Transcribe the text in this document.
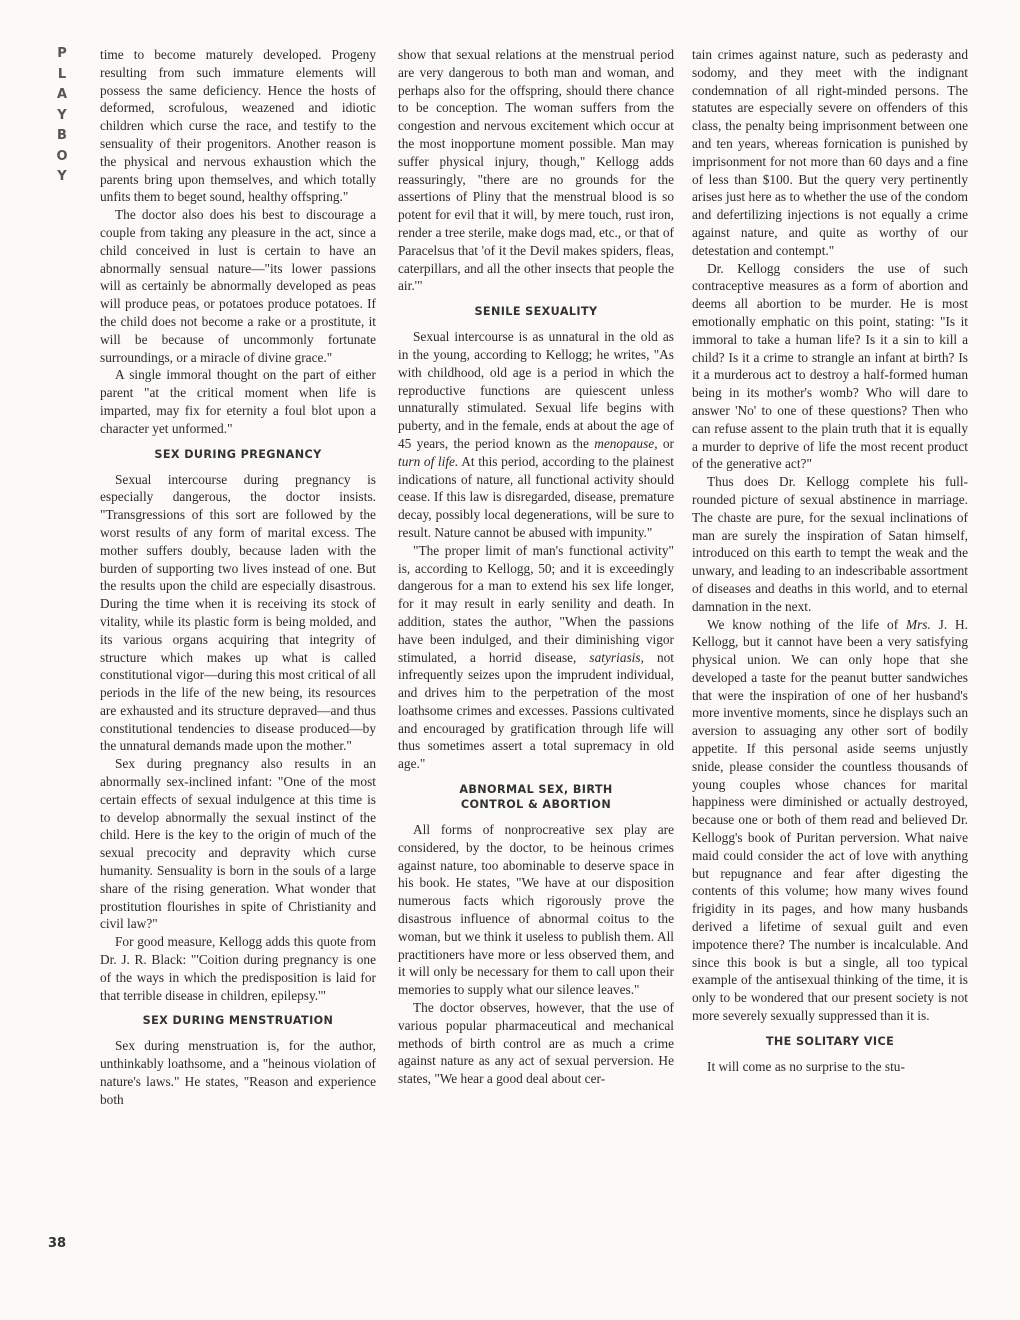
P
L
A
Y
B
O
Y
38

time to become maturely developed. Progeny resulting from such immature elements will possess the same deficiency. Hence the hosts of deformed, scrofulous, weazened and idiotic children which curse the race, and testify to the sensuality of their progenitors. Another reason is the physical and nervous exhaustion which the parents bring upon themselves, and which totally unfits them to beget sound, healthy offspring."

The doctor also does his best to discourage a couple from taking any pleasure in the act, since a child conceived in lust is certain to have an abnormally sensual nature—"its lower passions will as certainly be abnormally developed as peas will produce peas, or potatoes produce potatoes. If the child does not become a rake or a prostitute, it will be because of uncommonly fortunate surroundings, or a miracle of divine grace."

A single immoral thought on the part of either parent "at the critical moment when life is imparted, may fix for eternity a foul blot upon a character yet unformed."

SEX DURING PREGNANCY

Sexual intercourse during pregnancy is especially dangerous, the doctor insists. "Transgressions of this sort are followed by the worst results of any form of marital excess. The mother suffers doubly, because laden with the burden of supporting two lives instead of one. But the results upon the child are especially disastrous. During the time when it is receiving its stock of vitality, while its plastic form is being molded, and its various organs acquiring that integrity of structure which makes up what is called constitutional vigor—during this most critical of all periods in the life of the new being, its resources are exhausted and its structure depraved—and thus constitutional tendencies to disease produced—by the unnatural demands made upon the mother."

Sex during pregnancy also results in an abnormally sex-inclined infant: "One of the most certain effects of sexual indulgence at this time is to develop abnormally the sexual instinct of the child. Here is the key to the origin of much of the sexual precocity and depravity which curse humanity. Sensuality is born in the souls of a large share of the rising generation. What wonder that prostitution flourishes in spite of Christianity and civil law?"

For good measure, Kellogg adds this quote from Dr. J. R. Black: "'Coition during pregnancy is one of the ways in which the predisposition is laid for that terrible disease in children, epilepsy.'"

SEX DURING MENSTRUATION

Sex during menstruation is, for the author, unthinkably loathsome, and a "heinous violation of nature's laws." He states, "Reason and experience both

show that sexual relations at the menstrual period are very dangerous to both man and woman, and perhaps also for the offspring, should there chance to be conception. The woman suffers from the congestion and nervous excitement which occur at the most inopportune moment possible. Man may suffer physical injury, though," Kellogg adds reassuringly, "there are no grounds for the assertions of Pliny that the menstrual blood is so potent for evil that it will, by mere touch, rust iron, render a tree sterile, make dogs mad, etc., or that of Paracelsus that 'of it the Devil makes spiders, fleas, caterpillars, and all the other insects that people the air.'"

SENILE SEXUALITY

Sexual intercourse is as unnatural in the old as in the young, according to Kellogg; he writes, "As with childhood, old age is a period in which the reproductive functions are quiescent unless unnaturally stimulated. Sexual life begins with puberty, and in the female, ends at about the age of 45 years, the period known as the menopause, or turn of life. At this period, according to the plainest indications of nature, all functional activity should cease. If this law is disregarded, disease, premature decay, possibly local degenerations, will be sure to result. Nature cannot be abused with impunity."

"The proper limit of man's functional activity" is, according to Kellogg, 50; and it is exceedingly dangerous for a man to extend his sex life longer, for it may result in early senility and death. In addition, states the author, "When the passions have been indulged, and their diminishing vigor stimulated, a horrid disease, satyriasis, not infrequently seizes upon the imprudent individual, and drives him to the perpetration of the most loathsome crimes and excesses. Passions cultivated and encouraged by gratification through life will thus sometimes assert a total supremacy in old age."

ABNORMAL SEX, BIRTH
CONTROL & ABORTION

All forms of nonprocreative sex play are considered, by the doctor, to be heinous crimes against nature, too abominable to deserve space in his book. He states, "We have at our disposition numerous facts which rigorously prove the disastrous influence of abnormal coitus to the woman, but we think it useless to publish them. All practitioners have more or less observed them, and it will only be necessary for them to call upon their memories to supply what our silence leaves."

The doctor observes, however, that the use of various popular pharmaceutical and mechanical methods of birth control are as much a crime against nature as any act of sexual perversion. He states, "We hear a good deal about cer-

tain crimes against nature, such as pederasty and sodomy, and they meet with the indignant condemnation of all right-minded persons. The statutes are especially severe on offenders of this class, the penalty being imprisonment between one and ten years, whereas fornication is punished by imprisonment for not more than 60 days and a fine of less than $100. But the query very pertinently arises just here as to whether the use of the condom and defertilizing injections is not equally a crime against nature, and quite as worthy of our detestation and contempt."

Dr. Kellogg considers the use of such contraceptive measures as a form of abortion and deems all abortion to be murder. He is most emotionally emphatic on this point, stating: "Is it immoral to take a human life? Is it a sin to kill a child? Is it a crime to strangle an infant at birth? Is it a murderous act to destroy a half-formed human being in its mother's womb? Who will dare to answer 'No' to one of these questions? Then who can refuse assent to the plain truth that it is equally a murder to deprive of life the most recent product of the generative act?"

Thus does Dr. Kellogg complete his full-rounded picture of sexual abstinence in marriage. The chaste are pure, for the sexual inclinations of man are surely the inspiration of Satan himself, introduced on this earth to tempt the weak and the unwary, and leading to an indescribable assortment of diseases and deaths in this world, and to eternal damnation in the next.

We know nothing of the life of Mrs. J. H. Kellogg, but it cannot have been a very satisfying physical union. We can only hope that she developed a taste for the peanut butter sandwiches that were the inspiration of one of her husband's more inventive moments, since he displays such an aversion to assuaging any other sort of bodily appetite. If this personal aside seems unjustly snide, please consider the countless thousands of young couples whose chances for marital happiness were diminished or actually destroyed, because one or both of them read and believed Dr. Kellogg's book of Puritan perversion. What naive maid could consider the act of love with anything but repugnance and fear after digesting the contents of this volume; how many wives found frigidity in its pages, and how many husbands derived a lifetime of sexual guilt and even impotence there? The number is incalculable. And since this book is but a single, all too typical example of the antisexual thinking of the time, it is only to be wondered that our present society is not more severely sexually suppressed than it is.

THE SOLITARY VICE

It will come as no surprise to the stu-
